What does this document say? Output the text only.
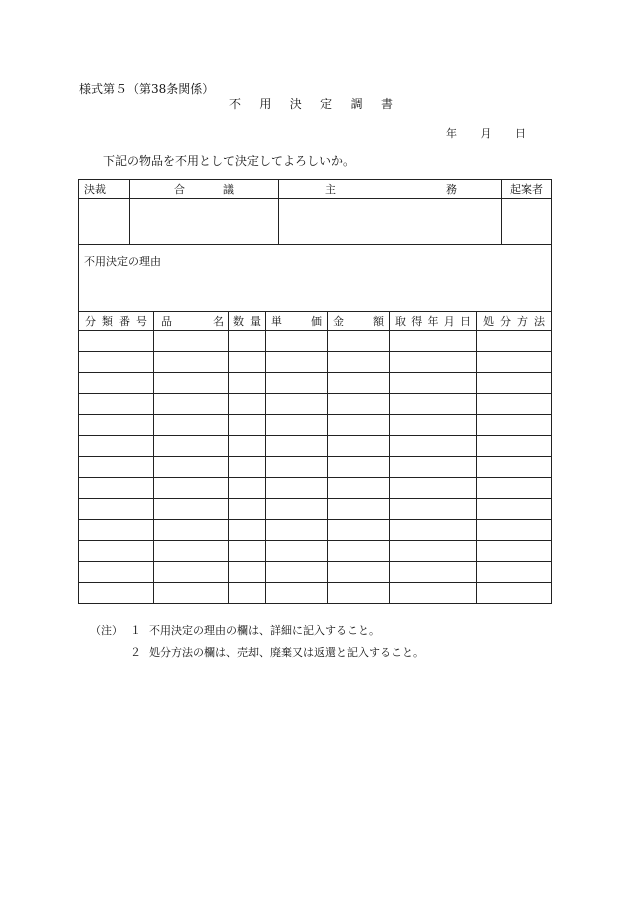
様式第５（第38条関係）
不 用 決 定 調 書
年 月 日
下記の物品を不用として決定してよろしいか。
決裁	合 議	主 務	起案者

不用決定の理由
分 類 番 号	品 名	数 量	単 価	金 額	取 得 年 月 日	処 分 方 法

（注） １ 不用決定の理由の欄は、詳細に記入すること。
２ 処分方法の欄は、売却、廃棄又は返還と記入すること。
